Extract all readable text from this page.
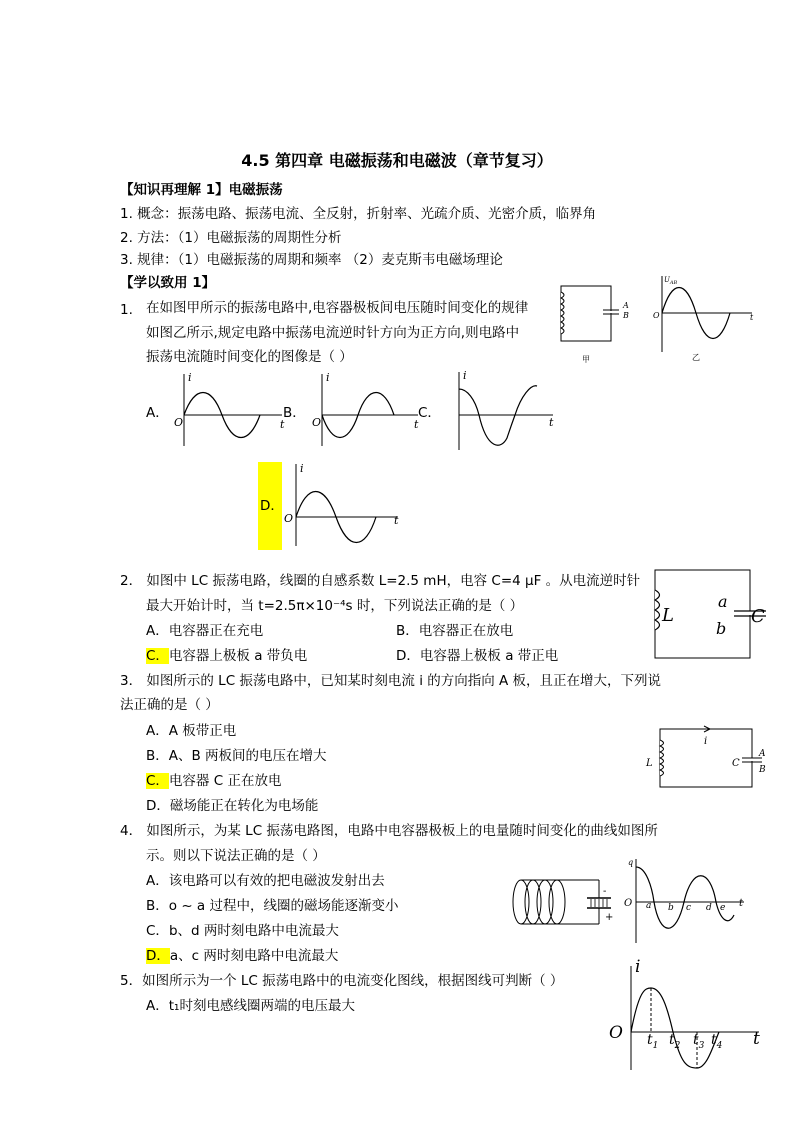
4.5 第四章 电磁振荡和电磁波（章节复习）
【知识再理解 1】电磁振荡
1. 概念：振荡电路、振荡电流、全反射，折射率、光疏介质、光密介质，临界角
2. 方法：（1）电磁振荡的周期性分析
3. 规律：（1）电磁振荡的周期和频率 （2）麦克斯韦电磁场理论
【学以致用 1】
1. 在如图甲所示的振荡电路中,电容器极板间电压随时间变化的规律
如图乙所示,规定电路中振荡电流逆时针方向为正方向,则电路中
振荡电流随时间变化的图像是（ ）
A
B
甲
$U_{AB}$
O	t
乙
A．
i
O	t
B．
i
O	t
C．
i
t
D．
i
O	t
2． 如图中 LC 振荡电路，线圈的自感系数 L=2.5 mH，电容 C=4 μF 。从电流逆时针
最大开始计时，当 t=2.5π×10⁻⁴s 时，下列说法正确的是（ ）
A．电容器正在充电	B．电容器正在放电
C．电容器上极板 a 带负电	D．电容器上极板 a 带正电
L
a
b
C
3． 如图所示的 LC 振荡电路中，已知某时刻电流 i 的方向指向 A 板，且正在增大，下列说
法正确的是（ ）
A．A 板带正电
B．A、B 两板间的电压在增大
C．电容器 C 正在放电
D．磁场能正在转化为电场能
i
L	C
A
B
4． 如图所示，为某 LC 振荡电路图，电路中电容器极板上的电量随时间变化的曲线如图所
示。则以下说法正确的是（ ）
A．该电路可以有效的把电磁波发射出去
B．o ~ a 过程中，线圈的磁场能逐渐变小
C．b、d 两时刻电路中电流最大
D．a、c 两时刻电路中电流最大
-
+
q
O a b c d e t
5．如图所示为一个 LC 振荡电路中的电流变化图线，根据图线可判断（ ）
A．t₁时刻电感线圈两端的电压最大
i
O	t
$t_1$ $t_2$ $t_3$ $t_4$
